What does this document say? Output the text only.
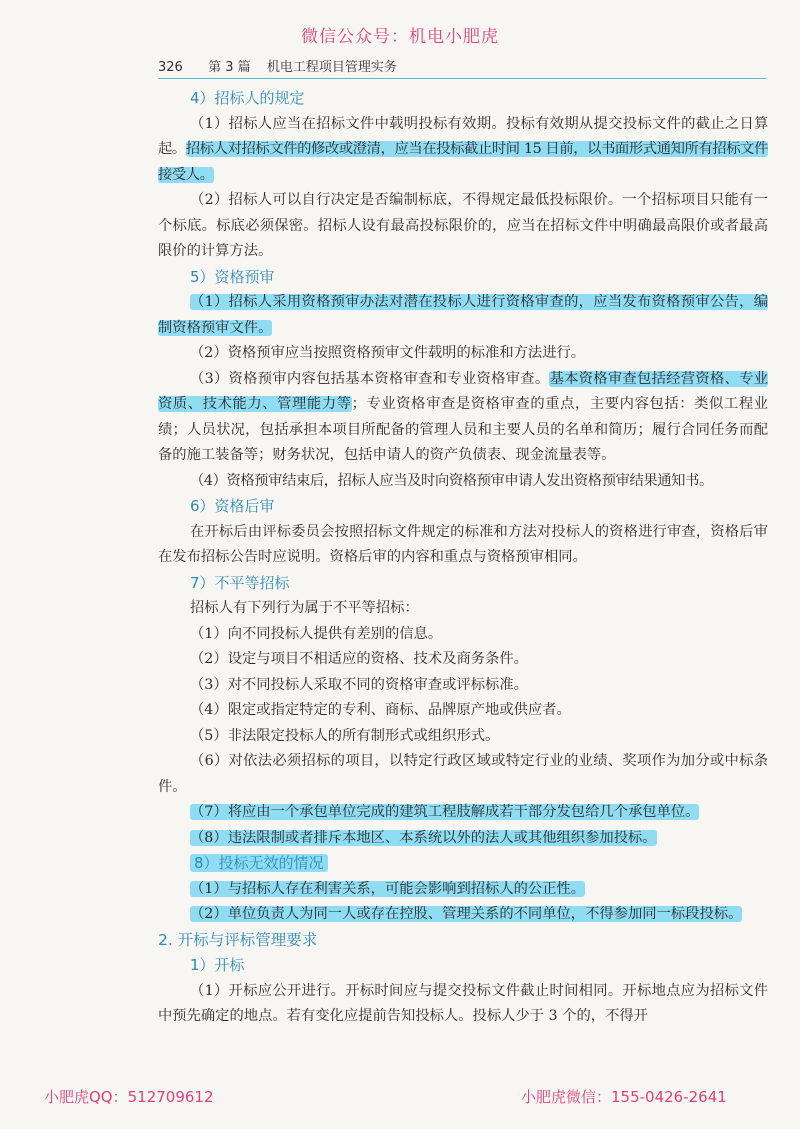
微信公众号：机电小肥虎
326 第 3 篇 机电工程项目管理实务
4）招标人的规定

（1）招标人应当在招标文件中载明投标有效期。投标有效期从提交投标文件的截止之日算起。招标人对招标文件的修改或澄清，应当在投标截止时间 15 日前，以书面形式通知所有招标文件接受人。

（2）招标人可以自行决定是否编制标底，不得规定最低投标限价。一个招标项目只能有一个标底。标底必须保密。招标人设有最高投标限价的，应当在招标文件中明确最高限价或者最高限价的计算方法。

5）资格预审

（1）招标人采用资格预审办法对潜在投标人进行资格审查的，应当发布资格预审公告，编制资格预审文件。

（2）资格预审应当按照资格预审文件载明的标准和方法进行。

（3）资格预审内容包括基本资格审查和专业资格审查。基本资格审查包括经营资格、专业资质、技术能力、管理能力等；专业资格审查是资格审查的重点，主要内容包括：类似工程业绩；人员状况，包括承担本项目所配备的管理人员和主要人员的名单和简历；履行合同任务而配备的施工装备等；财务状况，包括申请人的资产负债表、现金流量表等。

（4）资格预审结束后，招标人应当及时向资格预审申请人发出资格预审结果通知书。

6）资格后审

在开标后由评标委员会按照招标文件规定的标准和方法对投标人的资格进行审查，资格后审在发布招标公告时应说明。资格后审的内容和重点与资格预审相同。

7）不平等招标

招标人有下列行为属于不平等招标：

（1）向不同投标人提供有差别的信息。

（2）设定与项目不相适应的资格、技术及商务条件。

（3）对不同投标人采取不同的资格审查或评标标准。

（4）限定或指定特定的专利、商标、品牌原产地或供应者。

（5）非法限定投标人的所有制形式或组织形式。

（6）对依法必须招标的项目，以特定行政区域或特定行业的业绩、奖项作为加分或中标条件。

（7）将应由一个承包单位完成的建筑工程肢解成若干部分发包给几个承包单位。

（8）违法限制或者排斥本地区、本系统以外的法人或其他组织参加投标。

8）投标无效的情况

（1）与招标人存在利害关系，可能会影响到招标人的公正性。

（2）单位负责人为同一人或存在控股、管理关系的不同单位，不得参加同一标段投标。

2. 开标与评标管理要求
1）开标

（1）开标应公开进行。开标时间应与提交投标文件截止时间相同。开标地点应为招标文件中预先确定的地点。若有变化应提前告知投标人。投标人少于 3 个的，不得开

小肥虎QQ：512709612	小肥虎微信：155-0426-2641
